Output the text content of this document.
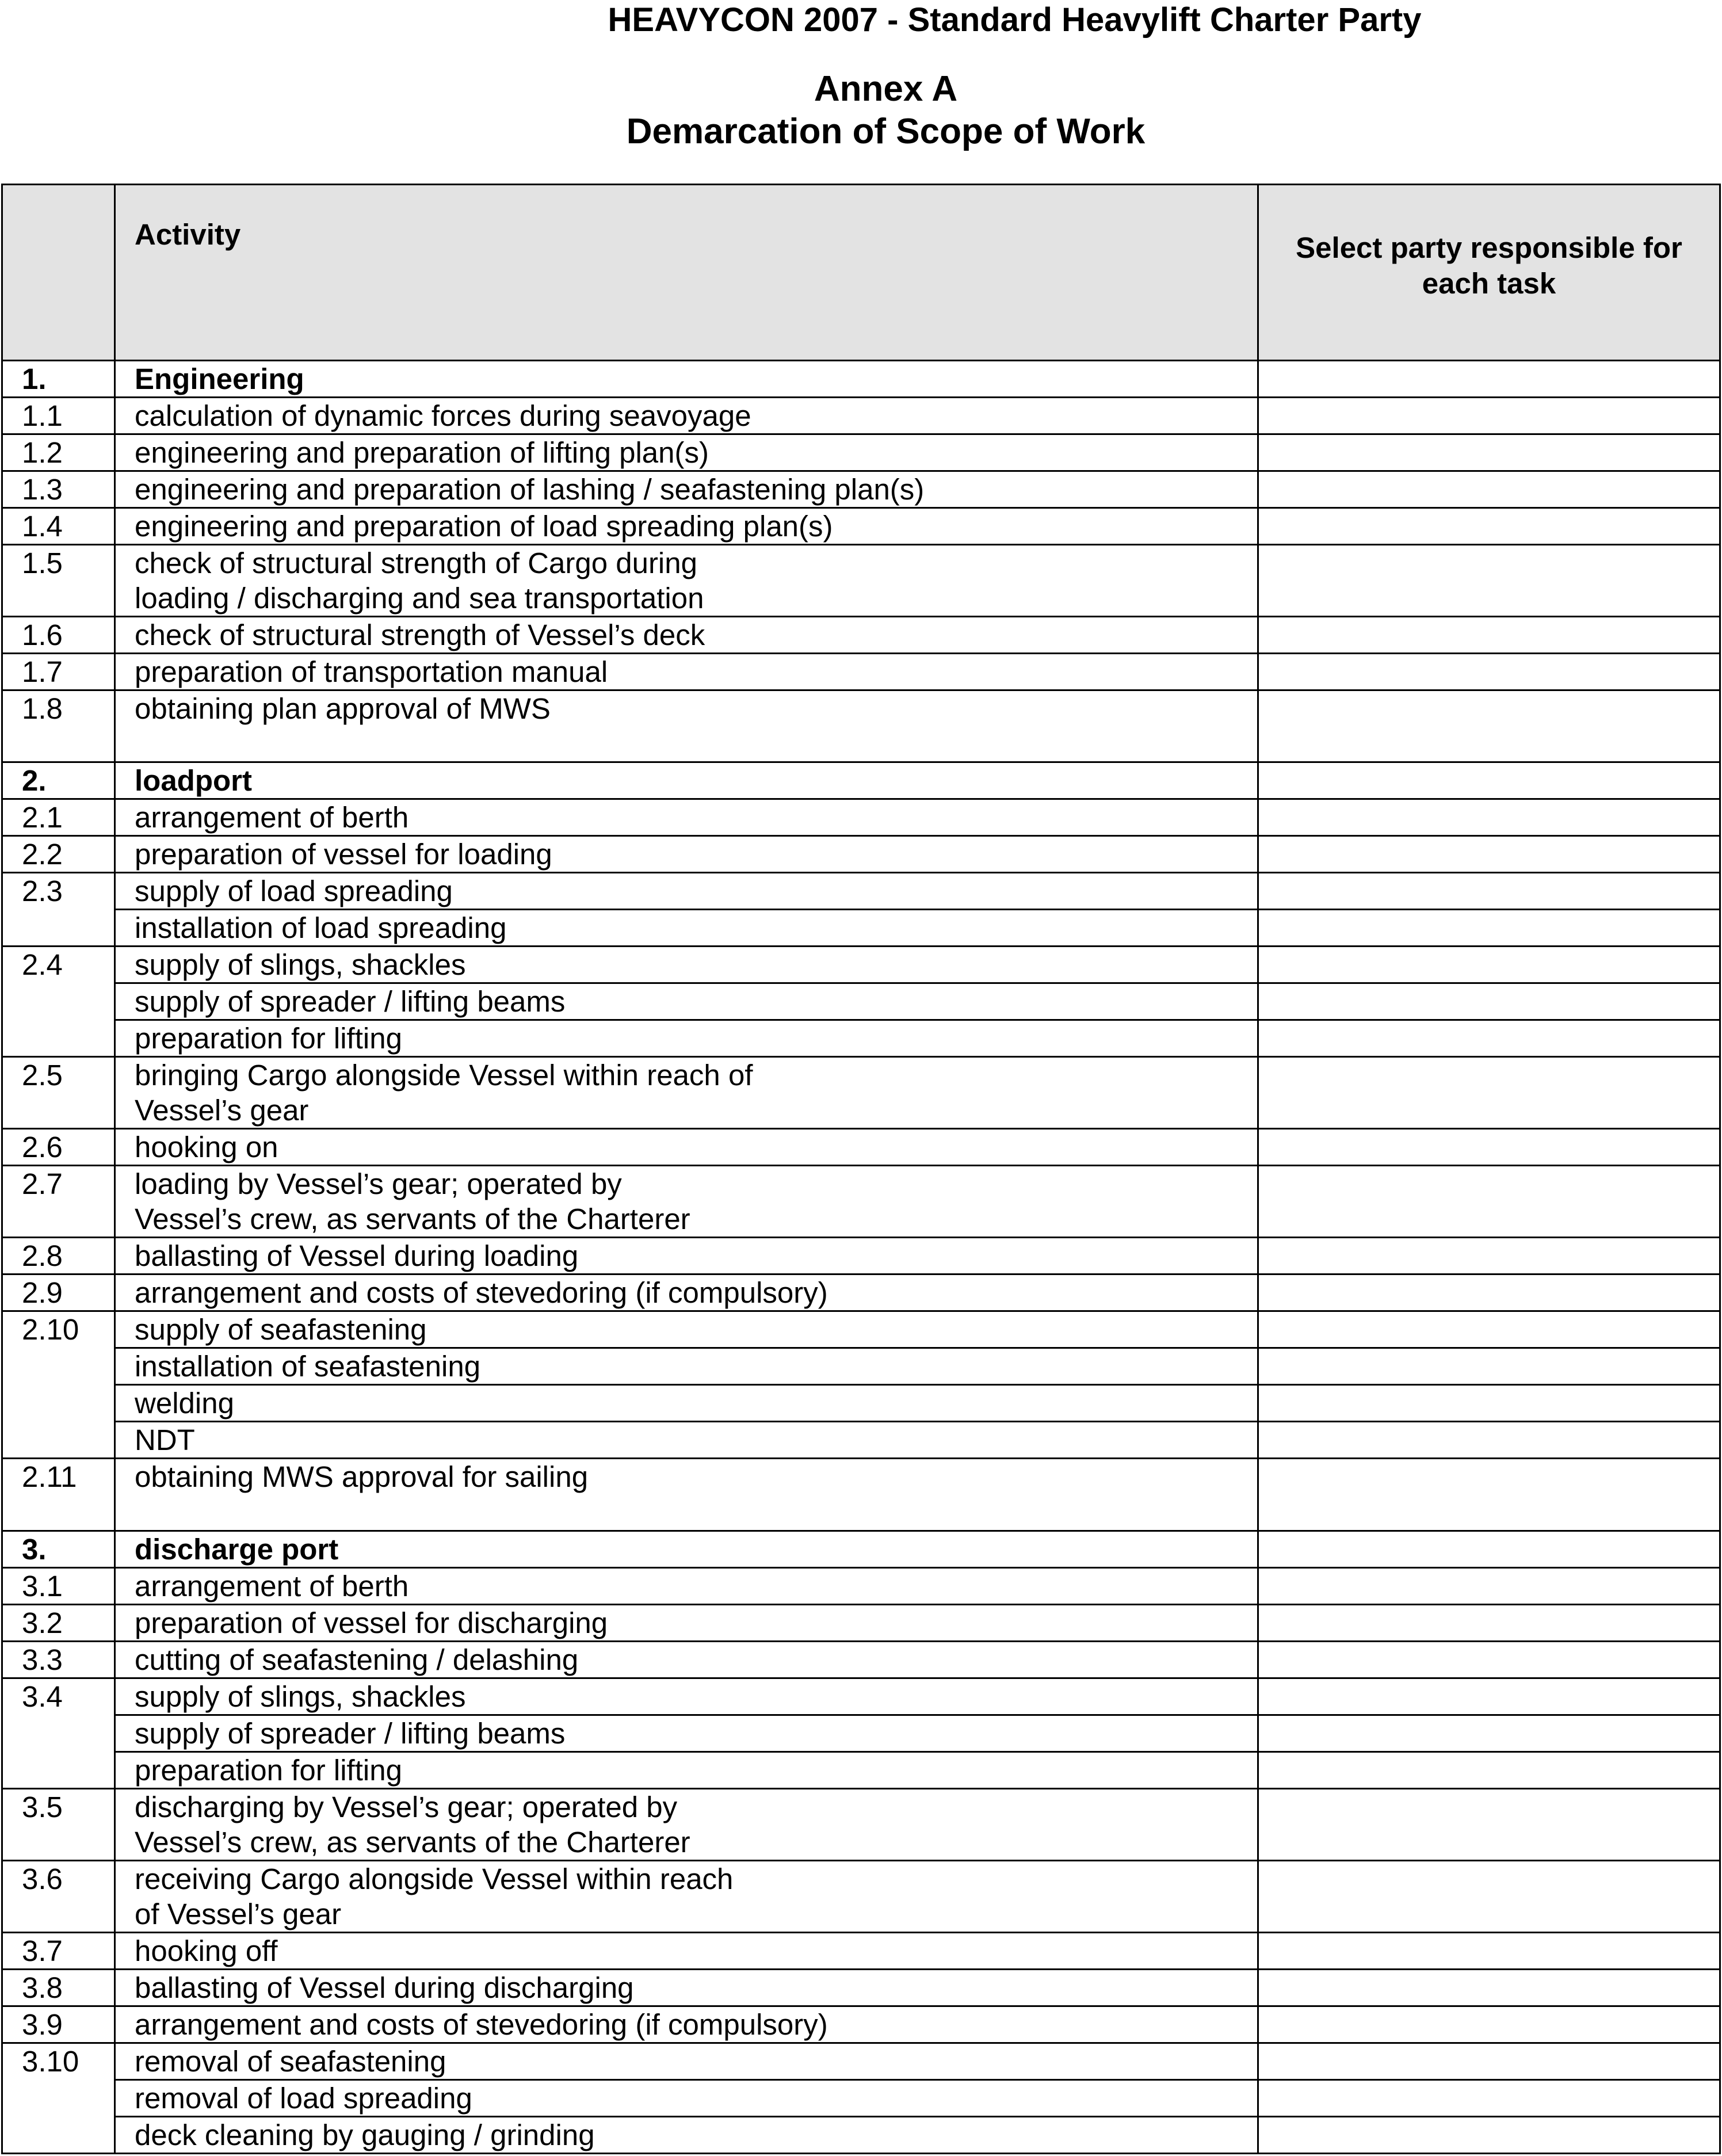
HEAVYCON 2007 - Standard Heavylift Charter Party
Annex A
Demarcation of Scope of Work
	Activity	Select party responsible for each task
1.	Engineering	
1.1	calculation of dynamic forces during seavoyage	

1.2	engineering and preparation of lifting plan(s)	

1.3	engineering and preparation of lashing / seafastening plan(s)	

1.4	engineering and preparation of load spreading plan(s)	

1.5	check of structural strength of Cargo during
loading / discharging and sea transportation	

1.6	check of structural strength of Vessel’s deck	

1.7	preparation of transportation manual	

1.8	obtaining plan approval of MWS	

2.	loadport	
2.1	arrangement of berth	

2.2	preparation of vessel for loading	

2.3	supply of load spreading	

	installation of load spreading	

2.4	supply of slings, shackles	

	supply of spreader / lifting beams	

	preparation for lifting	

2.5	bringing Cargo alongside Vessel within reach of
Vessel’s gear	

2.6	hooking on	

2.7	loading by Vessel’s gear; operated by
Vessel’s crew, as servants of the Charterer	

2.8	ballasting of Vessel during loading	

2.9	arrangement and costs of stevedoring (if compulsory)	

2.10	supply of seafastening	

	installation of seafastening	

	welding	

	NDT	

2.11	obtaining MWS approval for sailing	

3.	discharge port	
3.1	arrangement of berth	

3.2	preparation of vessel for discharging	

3.3	cutting of seafastening / delashing	

3.4	supply of slings, shackles	

	supply of spreader / lifting beams	

	preparation for lifting	

3.5	discharging by Vessel’s gear; operated by
Vessel’s crew, as servants of the Charterer	

3.6	receiving Cargo alongside Vessel within reach
of Vessel’s gear	

3.7	hooking off	

3.8	ballasting of Vessel during discharging	

3.9	arrangement and costs of stevedoring (if compulsory)	

3.10	removal of seafastening	

	removal of load spreading	

	deck cleaning by gauging / grinding	
